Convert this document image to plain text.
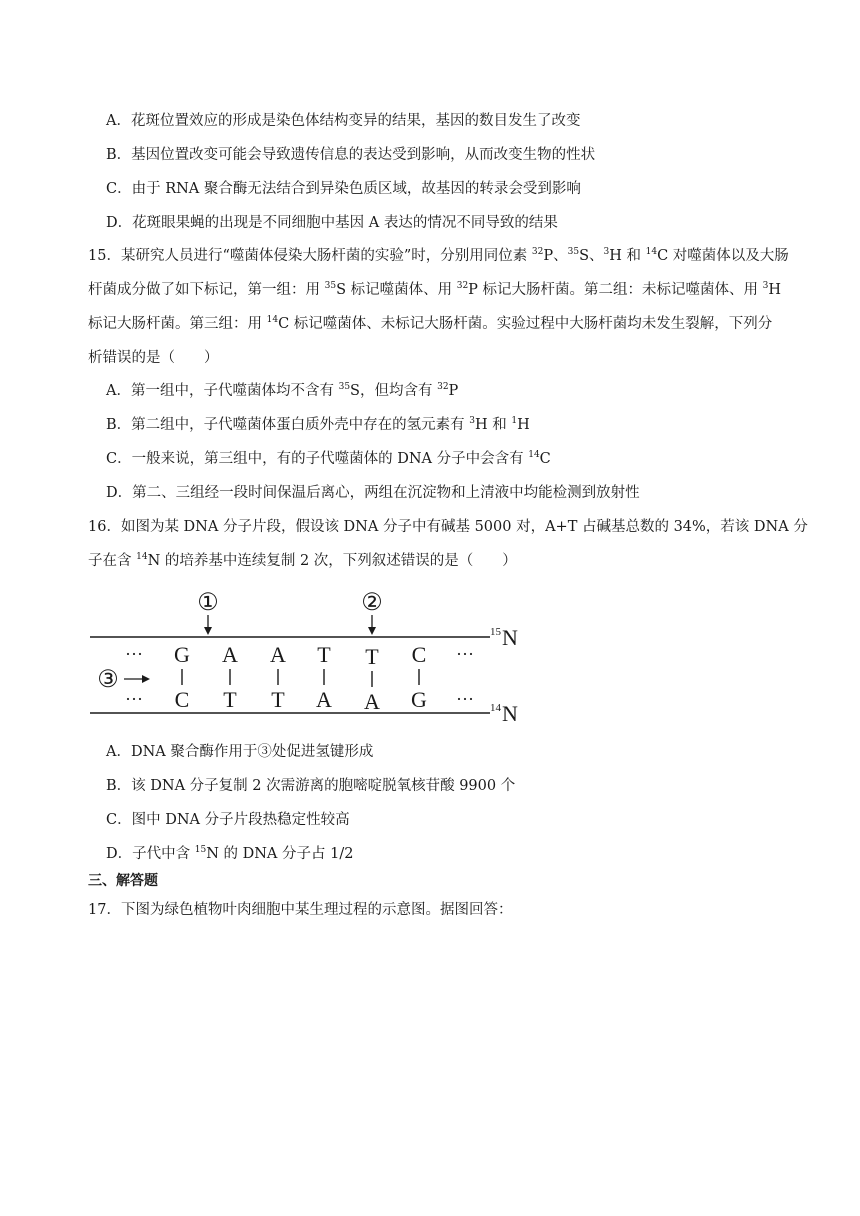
A．花斑位置效应的形成是染色体结构变异的结果，基因的数目发生了改变
B．基因位置改变可能会导致遗传信息的表达受到影响，从而改变生物的性状
C．由于 RNA 聚合酶无法结合到异染色质区域，故基因的转录会受到影响
D．花斑眼果蝇的出现是不同细胞中基因 A 表达的情况不同导致的结果
15．某研究人员进行“噬菌体侵染大肠杆菌的实验”时，分别用同位素 $^{32}$P、$^{35}$S、$^3$H 和 $^{14}$C 对噬菌体以及大肠
杆菌成分做了如下标记，第一组：用 $^{35}$S 标记噬菌体、用 $^{32}$P 标记大肠杆菌。第二组：未标记噬菌体、用 $^3$H
标记大肠杆菌。第三组：用 $^{14}$C 标记噬菌体、未标记大肠杆菌。实验过程中大肠杆菌均未发生裂解，下列分
析错误的是（　　）
A．第一组中，子代噬菌体均不含有 $^{35}$S，但均含有 $^{32}$P
B．第二组中，子代噬菌体蛋白质外壳中存在的氢元素有 $^3$H 和 $^1$H
C．一般来说，第三组中，有的子代噬菌体的 DNA 分子中会含有 $^{14}$C
D．第二、三组经一段时间保温后离心，两组在沉淀物和上清液中均能检测到放射性
16．如图为某 DNA 分子片段，假设该 DNA 分子中有碱基 5000 对，A+T 占碱基总数的 34%，若该 DNA 分
子在含 $^{14}$N 的培养基中连续复制 2 次，下列叙述错误的是（　　）
①	②
···	···
G A A T T C
③
C T T A A G
···	···
15 N
14 N
A．DNA 聚合酶作用于③处促进氢键形成
B．该 DNA 分子复制 2 次需游离的胞嘧啶脱氧核苷酸 9900 个
C．图中 DNA 分子片段热稳定性较高
D．子代中含 $^{15}$N 的 DNA 分子占 1/2
三、解答题
17．下图为绿色植物叶肉细胞中某生理过程的示意图。据图回答：
